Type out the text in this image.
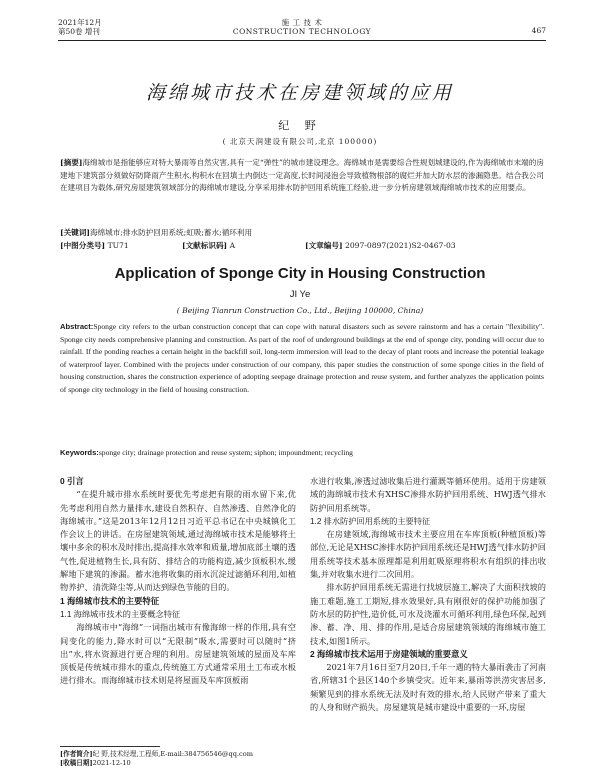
2021年12月
第50卷 增刊
施 工 技 术
CONSTRUCTION TECHNOLOGY	467
海绵城市技术在房建领域的应用
纪 野
( 北京天润建设有限公司,北京 100000)
[摘要]海绵城市是指能够应对特大暴雨等自然灾害,具有一定“弹性”的城市建设理念。海绵城市是需要综合性规划城建设的,作为海绵城市末端的房建地下建筑部分须做好防降雨产生积水,构积水在回填土内倒达一定高度,长时间浸泡会导致植物根部的腐烂并加大防水层的渗漏隐患。结合我公司在建项目为载体,研究房屋建筑领域部分的海绵城市建设,分享采用排水防护回用系统施工经验,进一步分析房建领域海绵城市技术的应用要点。
[关键词]海绵城市;排水防护回用系统;虹吸;蓄水;循环利用
[中图分类号] TU71	[文献标识码] A	[文章编号] 2097-0897(2021)S2-0467-03
Application of Sponge City in Housing Construction
JI Ye
( Beijing Tianrun Construction Co., Ltd., Beijing 100000, China)
Abstract:Sponge city refers to the urban construction concept that can cope with natural disasters such as severe rainstorm and has a certain "flexibility". Sponge city needs comprehensive planning and construction. As part of the roof of underground buildings at the end of sponge city, ponding will occur due to rainfall. If the ponding reaches a certain height in the backfill soil, long-term immersion will lead to the decay of plant roots and increase the potential leakage of waterproof layer. Combined with the projects under construction of our company, this paper studies the construction of some sponge cities in the field of housing construction, shares the construction experience of adopting seepage drainage protection and reuse system, and further analyzes the application points of sponge city technology in the field of housing construction.
Keywords:sponge city; drainage protection and reuse system; siphon; impoundment; recycling
0 引言

“在提升城市排水系统时要优先考虑把有限的雨水留下来,优先考虑利用自然力量排水,建设自然积存、自然渗透、自然净化的海绵城市。”这是2013年12月12日习近平总书记在中央城镇化工作会议上的讲话。在房屋建筑领域,通过海绵城市技术是能够将土壤中多余的积水及时排出,提高排水效率和质量,增加底部土壤的透气性,促进植物生长,具有防、排结合的功能构造,减少顶板积水,缓解地下建筑的渗漏。蓄水池将收集的雨水沉淀过滤循环利用,如植物养护、清洗降尘等,从而达到绿色节能的目的。

1 海绵城市技术的主要特征
1.1 海绵城市技术的主要概念特征

海绵城市中“海绵”一词指出城市有像海绵一样的作用,具有空间变化的能力,降水时可以“无限制”吸水,需要时可以随时“挤出”水,将水资源进行更合理的利用。房屋建筑领域的屋面及车库顶板是传统城市排水的重点,传统施工方式通常采用土工布或水板进行排水。而海绵城市技术则是将屋面及车库顶板雨

水进行收集,渗透过滤收集后进行灌溉等循环使用。适用于房建领域的海绵城市技术有XHSC渗排水防护回用系统、HWJ透气排水防护回用系统等。

1.2 排水防护回用系统的主要特征

在房建领域,海绵城市技术主要应用在车库顶板(种植顶板)等部位,无论是XHSC渗排水防护回用系统还是HWJ透气排水防护回用系统等技术基本原理都是利用虹吸原理将积水有组织的排出收集,并对收集水进行二次回用。

排水防护回用系统无需进行找坡层施工,解决了大面积找坡的施工难题,施工工期短,排水效果好,具有刚很好的保护功能加强了防水层的防护性,造价低,可水及浇灌水可循环利用,绿色环保,起到渗、蓄、净、用、排的作用,是适合房屋建筑领域的海绵城市施工技术,如图1所示。

2 海绵城市技术运用于房建领域的重要意义

2021年7月16日至7月20日,千年一遇的特大暴雨袭击了河南省,所辖31个县区140个乡镇受灾。近年来,暴雨等洪涝灾害居多,频繁见到的排水系统无法及时有效的排水,给人民财产带来了重大的人身和财产损失。房屋建筑是城市建设中重要的一环,房屋

[作者简介]纪 野,技术经理,工程师,E-mail:384756546@qq.com
[收稿日期]2021-12-10
